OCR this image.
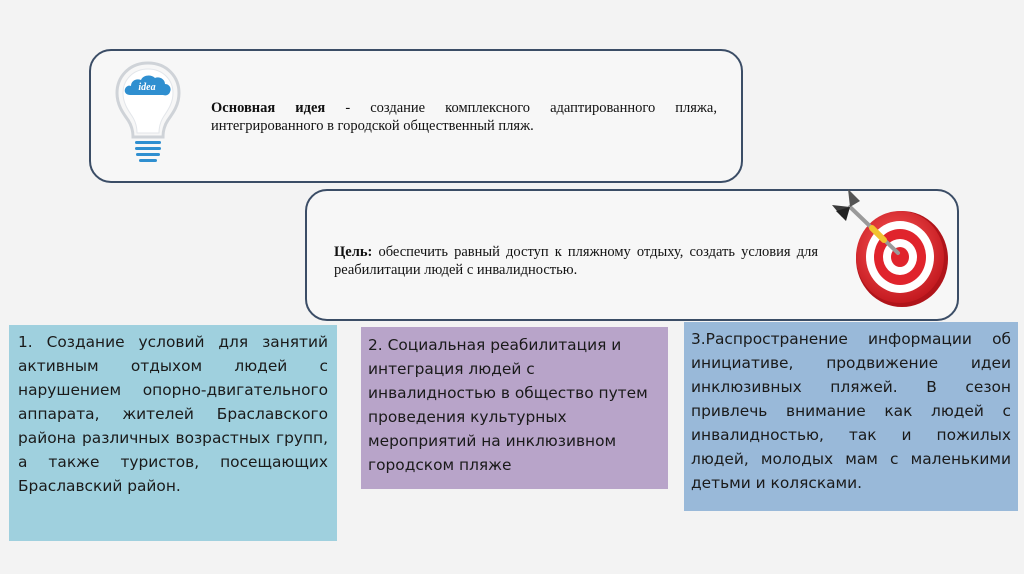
idea
Основная идея - создание комплексного адаптированного пляжа, интегрированного в городской общественный пляж.
Цель: обеспечить равный доступ к пляжному отдыху, создать условия для реабилитации людей с инвалидностью.
1. Создание условий для занятий активным отдыхом людей с нарушением опорно-двигательного аппарата, жителей Браславского района различных возрастных групп, а также туристов, посещающих Браславский район.
2. Социальная реабилитация и интеграция людей с инвалидностью в общество путем проведения культурных мероприятий на инклюзивном городском пляже
3.Распространение информации об инициативе, продвижение идеи инклюзивных пляжей. В сезон привлечь внимание как людей с инвалидностью, так и пожилых людей, молодых мам с маленькими детьми и колясками.
